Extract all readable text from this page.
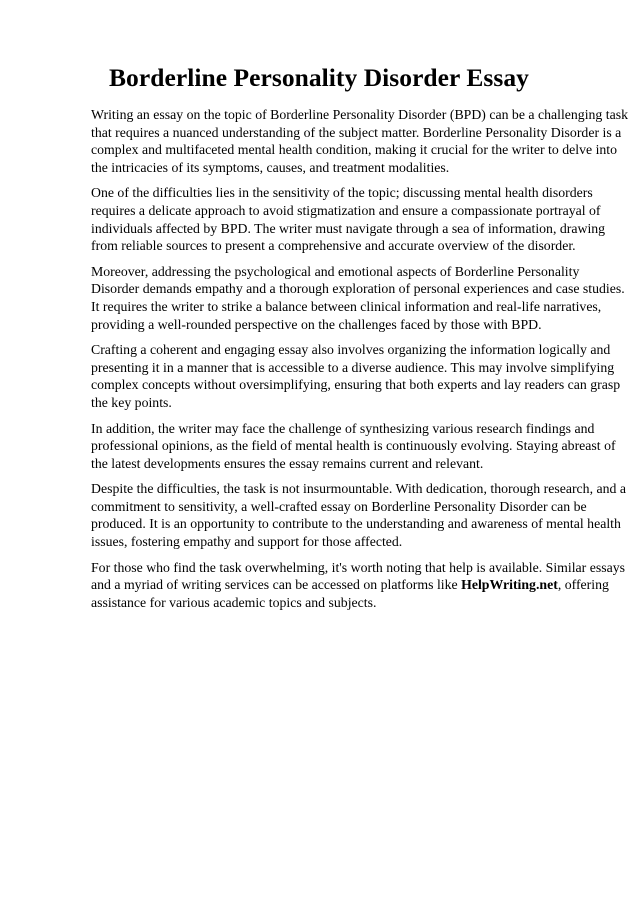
Borderline Personality Disorder Essay

Writing an essay on the topic of Borderline Personality Disorder (BPD) can be a challenging task
that requires a nuanced understanding of the subject matter. Borderline Personality Disorder is a
complex and multifaceted mental health condition, making it crucial for the writer to delve into
the intricacies of its symptoms, causes, and treatment modalities.

One of the difficulties lies in the sensitivity of the topic; discussing mental health disorders
requires a delicate approach to avoid stigmatization and ensure a compassionate portrayal of
individuals affected by BPD. The writer must navigate through a sea of information, drawing
from reliable sources to present a comprehensive and accurate overview of the disorder.

Moreover, addressing the psychological and emotional aspects of Borderline Personality
Disorder demands empathy and a thorough exploration of personal experiences and case studies.
It requires the writer to strike a balance between clinical information and real-life narratives,
providing a well-rounded perspective on the challenges faced by those with BPD.

Crafting a coherent and engaging essay also involves organizing the information logically and
presenting it in a manner that is accessible to a diverse audience. This may involve simplifying
complex concepts without oversimplifying, ensuring that both experts and lay readers can grasp
the key points.

In addition, the writer may face the challenge of synthesizing various research findings and
professional opinions, as the field of mental health is continuously evolving. Staying abreast of
the latest developments ensures the essay remains current and relevant.

Despite the difficulties, the task is not insurmountable. With dedication, thorough research, and a
commitment to sensitivity, a well-crafted essay on Borderline Personality Disorder can be
produced. It is an opportunity to contribute to the understanding and awareness of mental health
issues, fostering empathy and support for those affected.

For those who find the task overwhelming, it's worth noting that help is available. Similar essays
and a myriad of writing services can be accessed on platforms like HelpWriting.net, offering
assistance for various academic topics and subjects.
